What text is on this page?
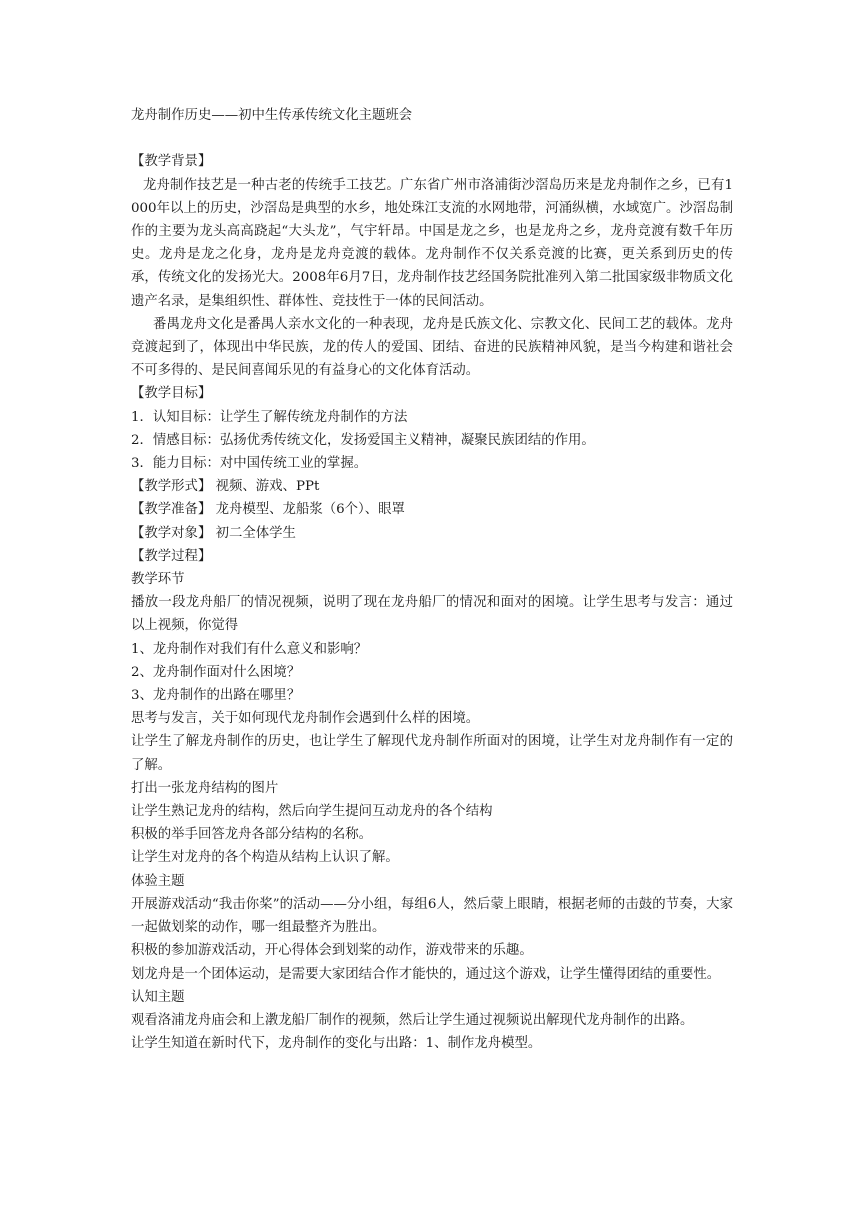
龙舟制作历史——初中生传承传统文化主题班会

【教学背景】

龙舟制作技艺是一种古老的传统手工技艺。广东省广州市洛浦街沙滘岛历来是龙舟制作之乡，已有1000年以上的历史，沙滘岛是典型的水乡，地处珠江支流的水网地带，河涌纵横，水域宽广。沙滘岛制作的主要为龙头高高跷起“大头龙”，气宇轩昂。中国是龙之乡，也是龙舟之乡，龙舟竞渡有数千年历史。龙舟是龙之化身，龙舟是龙舟竞渡的载体。龙舟制作不仅关系竞渡的比赛，更关系到历史的传承，传统文化的发扬光大。2008年6月7日，龙舟制作技艺经国务院批准列入第二批国家级非物质文化遗产名录，是集组织性、群体性、竞技性于一体的民间活动。

番禺龙舟文化是番禺人亲水文化的一种表现，龙舟是氏族文化、宗教文化、民间工艺的载体。龙舟竞渡起到了，体现出中华民族，龙的传人的爱国、团结、奋进的民族精神风貌，是当今构建和谐社会不可多得的、是民间喜闻乐见的有益身心的文化体育活动。

【教学目标】

1．认知目标：让学生了解传统龙舟制作的方法

2．情感目标：弘扬优秀传统文化，发扬爱国主义精神，凝聚民族团结的作用。

3．能力目标：对中国传统工业的掌握。

【教学形式】 视频、游戏、PPt

【教学准备】 龙舟模型、龙船浆（6个）、眼罩

【教学对象】 初二全体学生

【教学过程】

教学环节

播放一段龙舟船厂的情况视频，说明了现在龙舟船厂的情况和面对的困境。让学生思考与发言：通过以上视频，你觉得

1、龙舟制作对我们有什么意义和影响？

2、龙舟制作面对什么困境？

3、龙舟制作的出路在哪里？

思考与发言，关于如何现代龙舟制作会遇到什么样的困境。

让学生了解龙舟制作的历史，也让学生了解现代龙舟制作所面对的困境，让学生对龙舟制作有一定的了解。

打出一张龙舟结构的图片

让学生熟记龙舟的结构，然后向学生提问互动龙舟的各个结构

积极的举手回答龙舟各部分结构的名称。

让学生对龙舟的各个构造从结构上认识了解。

体验主题

开展游戏活动“我击你桨”的活动——分小组，每组6人，然后蒙上眼睛，根据老师的击鼓的节奏，大家一起做划桨的动作，哪一组最整齐为胜出。

积极的参加游戏活动，开心得体会到划桨的动作，游戏带来的乐趣。

划龙舟是一个团体运动，是需要大家团结合作才能快的，通过这个游戏，让学生懂得团结的重要性。

认知主题

观看洛浦龙舟庙会和上漖龙船厂制作的视频，然后让学生通过视频说出解现代龙舟制作的出路。

让学生知道在新时代下，龙舟制作的变化与出路：1、制作龙舟模型。
